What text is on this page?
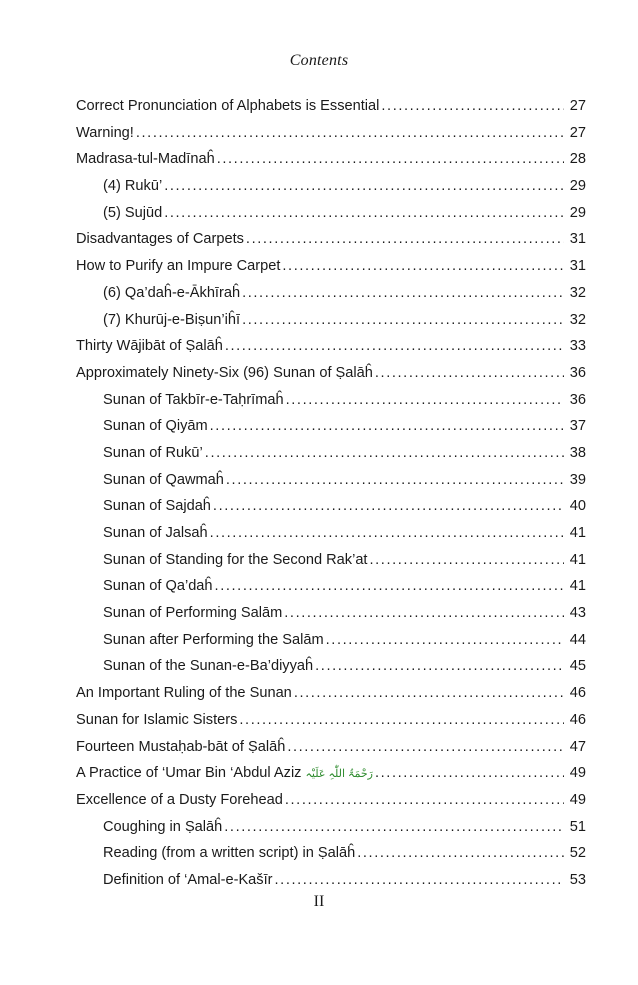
Contents
Correct Pronunciation of Alphabets is Essential .....	27
Warning! .....	27
Madrasa-tul-Madīnaĥ .....	28
(4) Rukū’ .....	29
(5) Sujūd .....	29
Disadvantages of Carpets .....	31
How to Purify an Impure Carpet .....	31
(6) Qa’daĥ-e-Ākhīraĥ .....	32
(7) Khurūj-e-Biṣun’iĥī .....	32
Thirty Wājibāt of Ṣalāĥ .....	33
Approximately Ninety-Six (96) Sunan of Ṣalāĥ .....	36
Sunan of Takbīr-e-Taḥrīmaĥ .....	36
Sunan of Qiyām .....	37
Sunan of Rukū’ .....	38
Sunan of Qawmaĥ .....	39
Sunan of Sajdaĥ .....	40
Sunan of Jalsaĥ .....	41
Sunan of Standing for the Second Rak’at .....	41
Sunan of Qa’daĥ .....	41
Sunan of Performing Salām .....	43
Sunan after Performing the Salām .....	44
Sunan of the Sunan-e-Ba’diyyaĥ .....	45
An Important Ruling of the Sunan .....	46
Sunan for Islamic Sisters .....	46
Fourteen Mustaḥab-bāt of Ṣalāĥ .....	47
A Practice of ‘Umar Bin ‘Abdul Aziz رَحْمَۃُ اللّٰہِ عَلَیْہ .....	49
Excellence of a Dusty Forehead .....	49
Coughing in Ṣalāĥ .....	51
Reading (from a written script) in Ṣalāĥ .....	52
Definition of ‘Amal-e-Kašīr .....	53
II
